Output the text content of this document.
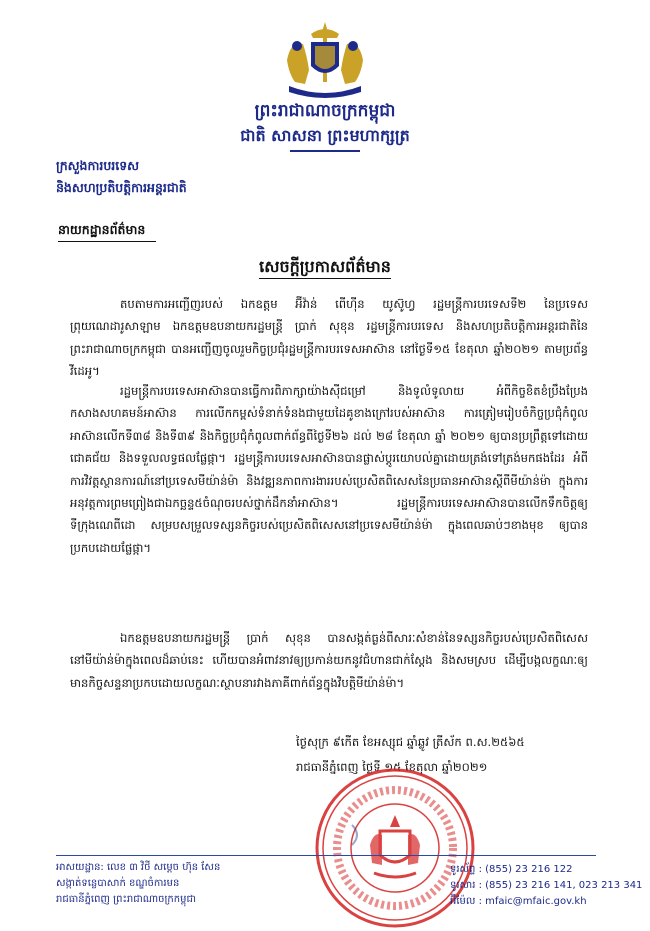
ព្រះរាជាណាចក្រកម្ពុជា
ជាតិ សាសនា ព្រះមហាក្សត្រ
ក្រសួងការបរទេស
និងសហប្រតិបត្តិការអន្តរជាតិ
នាយកដ្ឋានព័ត៌មាន
សេចក្តីប្រកាសព័ត៌មាន
តបតាមការអញ្ជើញរបស់ ឯកឧត្តម អ៊ីវ៉ាន់ ពើហ៊ីន យូស៊ូហ្វ រដ្ឋមន្ត្រីការបរទេសទី២ នៃប្រទេសព្រុយណេដារូសាឡាម ឯកឧត្តមឧបនាយករដ្ឋមន្ត្រី ប្រាក់ សុខុន រដ្ឋមន្ត្រីការបរទេស និងសហប្រតិបត្តិការអន្តរជាតិនៃព្រះរាជាណាចក្រកម្ពុជា បានអញ្ជើញចូលរួមកិច្ចប្រជុំរដ្ឋមន្ត្រីការបរទេសអាស៊ាន នៅថ្ងៃទី១៥ ខែតុលា ឆ្នាំ២០២១ តាមប្រព័ន្ធវីដេអូ។
រដ្ឋមន្ត្រីការបរទេសអាស៊ានបានធ្វើការពិភាក្សាយ៉ាងស៊ីជម្រៅ និងទូលំទូលាយ អំពីកិច្ចខិតខំប្រឹងប្រែងកសាងសហគមន៍អាស៊ាន ការលើកកម្ពស់ទំនាក់ទំនងជាមួយដៃគូខាងក្រៅរបស់អាស៊ាន ការត្រៀមរៀបចំកិច្ចប្រជុំកំពូលអាស៊ានលើកទី៣៨ និងទី៣៩ និងកិច្ចប្រជុំកំពូលពាក់ព័ន្ធពីថ្ងៃទី២៦ ដល់ ២៨ ខែតុលា ឆ្នាំ ២០២១ ឲ្យបានប្រព្រឹត្តទៅដោយជោគជ័យ និងទទួលលទ្ធផលផ្លែផ្កា។ រដ្ឋមន្ត្រីការបរទេសអាស៊ានបានផ្លាស់ប្តូរយោបល់គ្នាដោយត្រង់ទៅត្រង់មកផងដែរ អំពីការវិវត្តស្ថានការណ៍នៅប្រទេសមីយ៉ាន់ម៉ា និងវឌ្ឍនភាពការងាររបស់ប្រេសិតពិសេសនៃប្រធានអាស៊ានស្តីពីមីយ៉ាន់ម៉ា ក្នុងការអនុវត្តការព្រមព្រៀងជាឯកច្ឆន្ទ៥ចំណុចរបស់ថ្នាក់ដឹកនាំអាស៊ាន។ រដ្ឋមន្ត្រីការបរទេសអាស៊ានបានលើកទឹកចិត្តឲ្យទីក្រុងណេពីដោ សម្របសម្រួលទស្សនកិច្ចរបស់ប្រេសិតពិសេសនៅប្រទេសមីយ៉ាន់ម៉ា ក្នុងពេលឆាប់ៗខាងមុខ ឲ្យបានប្រកបដោយផ្លែផ្កា។
ឯកឧត្តមឧបនាយករដ្ឋមន្ត្រី ប្រាក់ សុខុន បានសង្កត់ធ្ងន់ពីសារៈសំខាន់នៃទស្សនកិច្ចរបស់ប្រេសិតពិសេសនៅមីយ៉ាន់ម៉ាក្នុងពេលដ៏ឆាប់នេះ ហើយបានអំពាវនាវឲ្យប្រកាន់យកនូវជំហានជាក់ស្តែង និងសមស្រប ដើម្បីបង្កលក្ខណៈឲ្យមានកិច្ចសន្ទនាប្រកបដោយលក្ខណៈស្ថាបនារវាងភាគីពាក់ព័ន្ធក្នុងវិបត្តិមីយ៉ាន់ម៉ា។
ថ្ងៃសុក្រ ៩កើត ខែអស្សុជ ឆ្នាំឆ្លូវ ត្រីស័ក ព.ស.២៥៦៥
រាជធានីភ្នំពេញ ថ្ងៃទី ១៥ ខែតុលា ឆ្នាំ២០២១
អាសយដ្ឋាន: លេខ ៣ វិថី សម្តេច ហ៊ុន សែន
សង្កាត់ទន្លេបាសាក់ ខណ្ឌចំការមន
រាជធានីភ្នំពេញ ព្រះរាជាណាចក្រកម្ពុជា
ទូរស័ព្ទ : (855) 23 216 122
ទូរសារ : (855) 23 216 141, 023 213 341
អ៊ីម៉ែល : mfaic@mfaic.gov.kh
